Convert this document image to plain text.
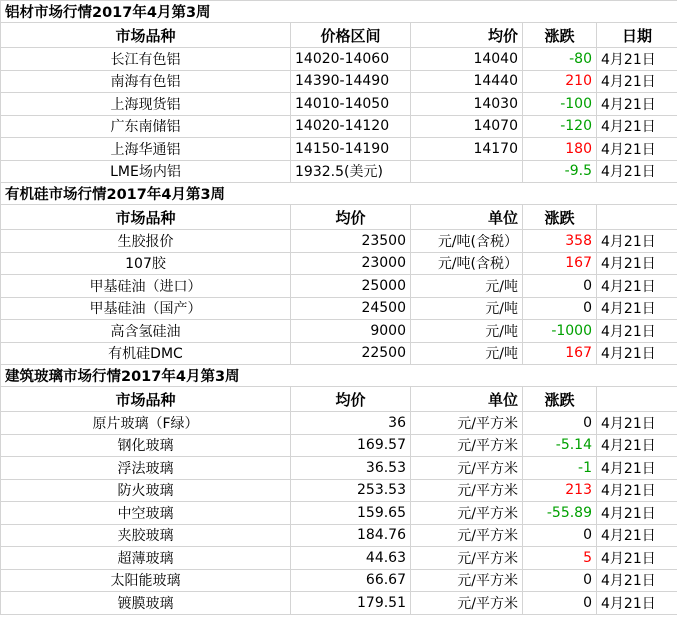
铝材市场行情2017年4月第3周				
市场品种	价格区间	均价	涨跌	日期
长江有色铝	14020-14060	14040	-80	4月21日
南海有色铝	14390-14490	14440	210	4月21日
上海现货铝	14010-14050	14030	-100	4月21日
广东南储铝	14020-14120	14070	-120	4月21日
上海华通铝	14150-14190	14170	180	4月21日
LME场内铝	1932.5(美元)		-9.5	4月21日
有机硅市场行情2017年4月第3周				
市场品种	均价	单位	涨跌	
生胶报价	23500	元/吨(含税）	358	4月21日
107胶	23000	元/吨(含税）	167	4月21日
甲基硅油（进口）	25000	元/吨	0	4月21日
甲基硅油（国产）	24500	元/吨	0	4月21日
高含氢硅油	9000	元/吨	-1000	4月21日
有机硅DMC	22500	元/吨	167	4月21日
建筑玻璃市场行情2017年4月第3周				
市场品种	均价	单位	涨跌	
原片玻璃（F绿）	36	元/平方米	0	4月21日
钢化玻璃	169.57	元/平方米	-5.14	4月21日
浮法玻璃	36.53	元/平方米	-1	4月21日
防火玻璃	253.53	元/平方米	213	4月21日
中空玻璃	159.65	元/平方米	-55.89	4月21日
夹胶玻璃	184.76	元/平方米	0	4月21日
超薄玻璃	44.63	元/平方米	5	4月21日
太阳能玻璃	66.67	元/平方米	0	4月21日
镀膜玻璃	179.51	元/平方米	0	4月21日
